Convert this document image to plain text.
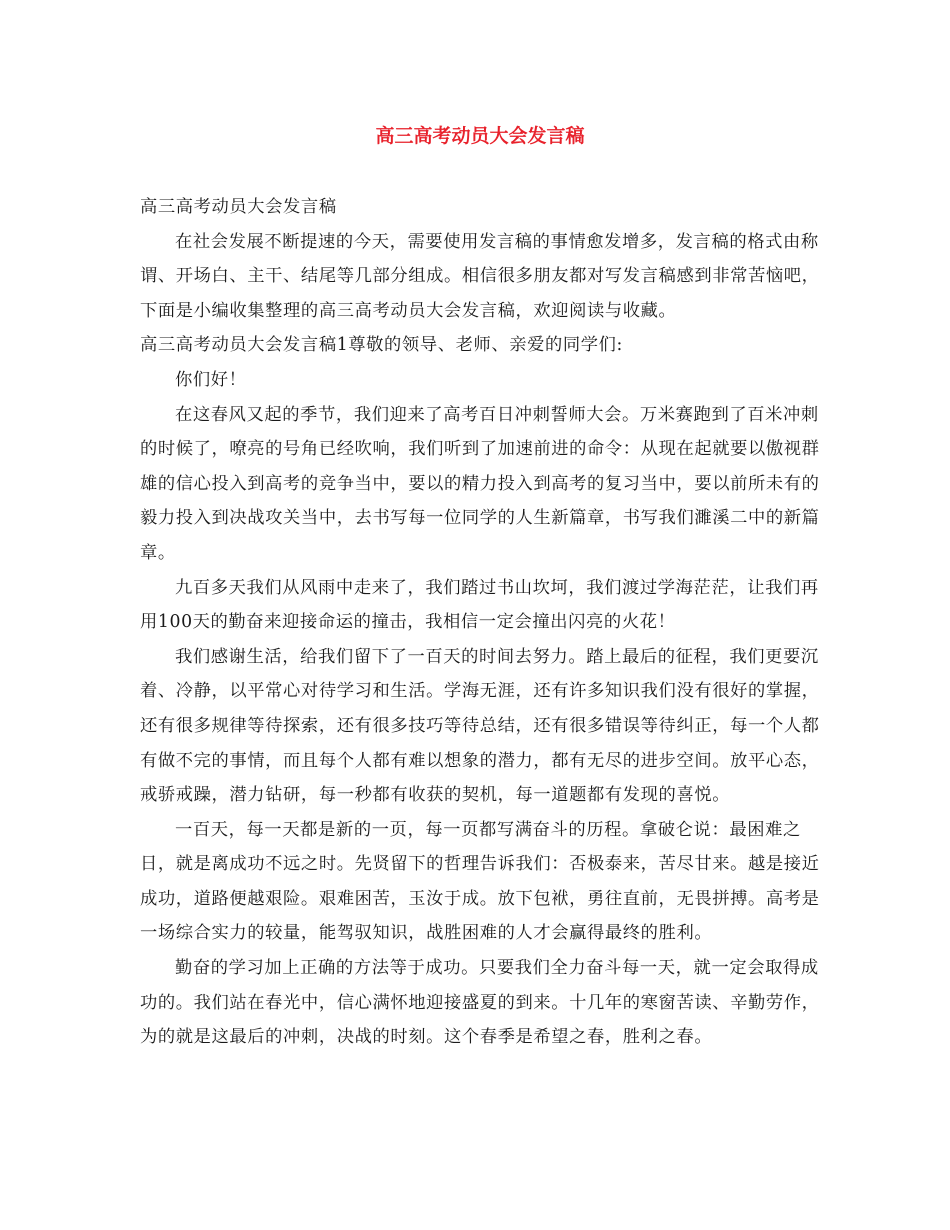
高三高考动员大会发言稿

高三高考动员大会发言稿

在社会发展不断提速的今天，需要使用发言稿的事情愈发增多，发言稿的格式由称谓、开场白、主干、结尾等几部分组成。相信很多朋友都对写发言稿感到非常苦恼吧，下面是小编收集整理的高三高考动员大会发言稿，欢迎阅读与收藏。

高三高考动员大会发言稿1尊敬的领导、老师、亲爱的同学们:

你们好！

在这春风又起的季节，我们迎来了高考百日冲刺誓师大会。万米赛跑到了百米冲刺的时候了，嘹亮的号角已经吹响，我们听到了加速前进的命令：从现在起就要以傲视群雄的信心投入到高考的竞争当中，要以的精力投入到高考的复习当中，要以前所未有的毅力投入到决战攻关当中，去书写每一位同学的人生新篇章，书写我们濉溪二中的新篇章。

九百多天我们从风雨中走来了，我们踏过书山坎坷，我们渡过学海茫茫，让我们再用100天的勤奋来迎接命运的撞击，我相信一定会撞出闪亮的火花！

我们感谢生活，给我们留下了一百天的时间去努力。踏上最后的征程，我们更要沉着、冷静，以平常心对待学习和生活。学海无涯，还有许多知识我们没有很好的掌握，还有很多规律等待探索，还有很多技巧等待总结，还有很多错误等待纠正，每一个人都有做不完的事情，而且每个人都有难以想象的潜力，都有无尽的进步空间。放平心态，戒骄戒躁，潜力钻研，每一秒都有收获的契机，每一道题都有发现的喜悦。

一百天，每一天都是新的一页，每一页都写满奋斗的历程。拿破仑说：最困难之日，就是离成功不远之时。先贤留下的哲理告诉我们：否极泰来，苦尽甘来。越是接近成功，道路便越艰险。艰难困苦，玉汝于成。放下包袱，勇往直前，无畏拼搏。高考是一场综合实力的较量，能驾驭知识，战胜困难的人才会赢得最终的胜利。

勤奋的学习加上正确的方法等于成功。只要我们全力奋斗每一天，就一定会取得成功的。我们站在春光中，信心满怀地迎接盛夏的到来。十几年的寒窗苦读、辛勤劳作，为的就是这最后的冲刺，决战的时刻。这个春季是希望之春，胜利之春。
